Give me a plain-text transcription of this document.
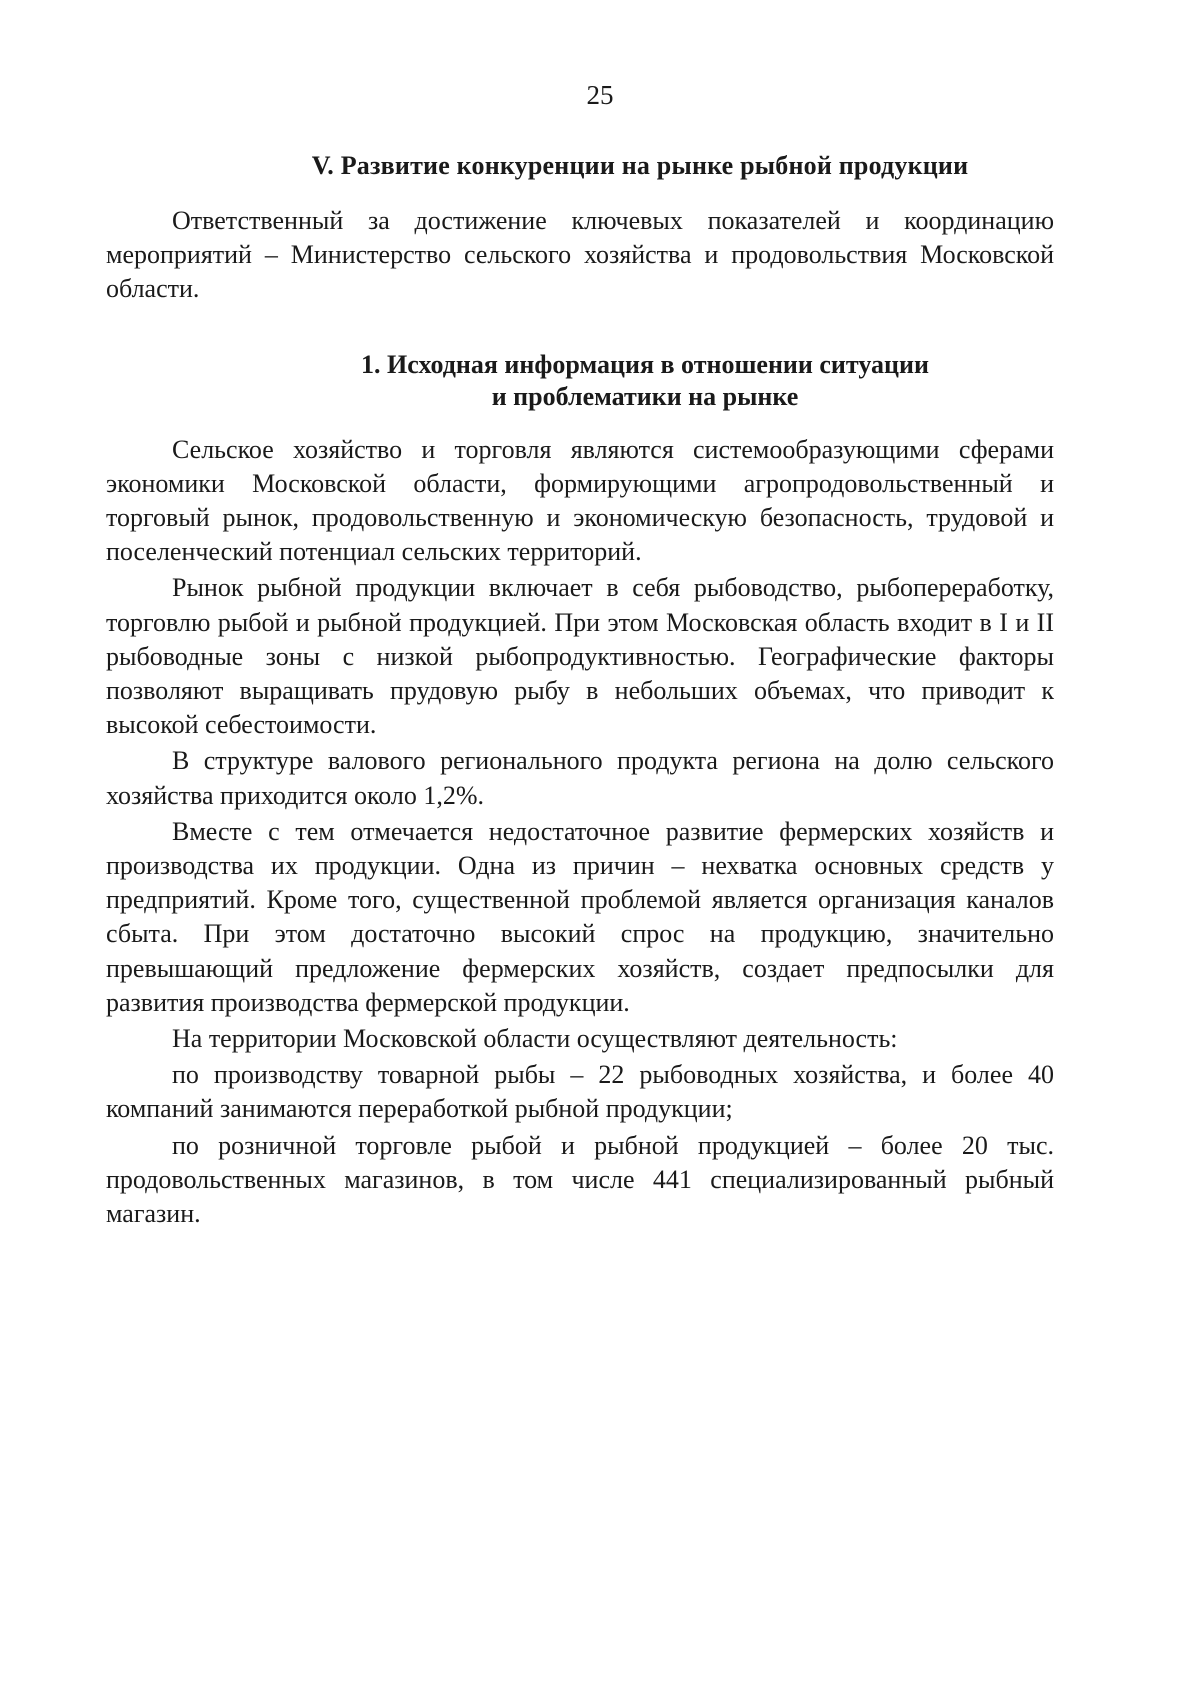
25
V. Развитие конкуренции на рынке рыбной продукции

Ответственный за достижение ключевых показателей и координацию мероприятий – Министерство сельского хозяйства и продовольствия Московской области.

1. Исходная информация в отношении ситуации
и проблематики на рынке

Сельское хозяйство и торговля являются системообразующими сферами экономики Московской области, формирующими агропродовольственный и торговый рынок, продовольственную и экономическую безопасность, трудовой и поселенческий потенциал сельских территорий.

Рынок рыбной продукции включает в себя рыбоводство, рыбопереработку, торговлю рыбой и рыбной продукцией. При этом Московская область входит в I и II рыбоводные зоны с низкой рыбопродуктивностью. Географические факторы позволяют выращивать прудовую рыбу в небольших объемах, что приводит к высокой себестоимости.

В структуре валового регионального продукта региона на долю сельского хозяйства приходится около 1,2%.

Вместе с тем отмечается недостаточное развитие фермерских хозяйств и производства их продукции. Одна из причин – нехватка основных средств у предприятий. Кроме того, существенной проблемой является организация каналов сбыта. При этом достаточно высокий спрос на продукцию, значительно превышающий предложение фермерских хозяйств, создает предпосылки для развития производства фермерской продукции.

На территории Московской области осуществляют деятельность:

по производству товарной рыбы – 22 рыбоводных хозяйства, и более 40 компаний занимаются переработкой рыбной продукции;

по розничной торговле рыбой и рыбной продукцией – более 20 тыс. продовольственных магазинов, в том числе 441 специализированный рыбный магазин.
